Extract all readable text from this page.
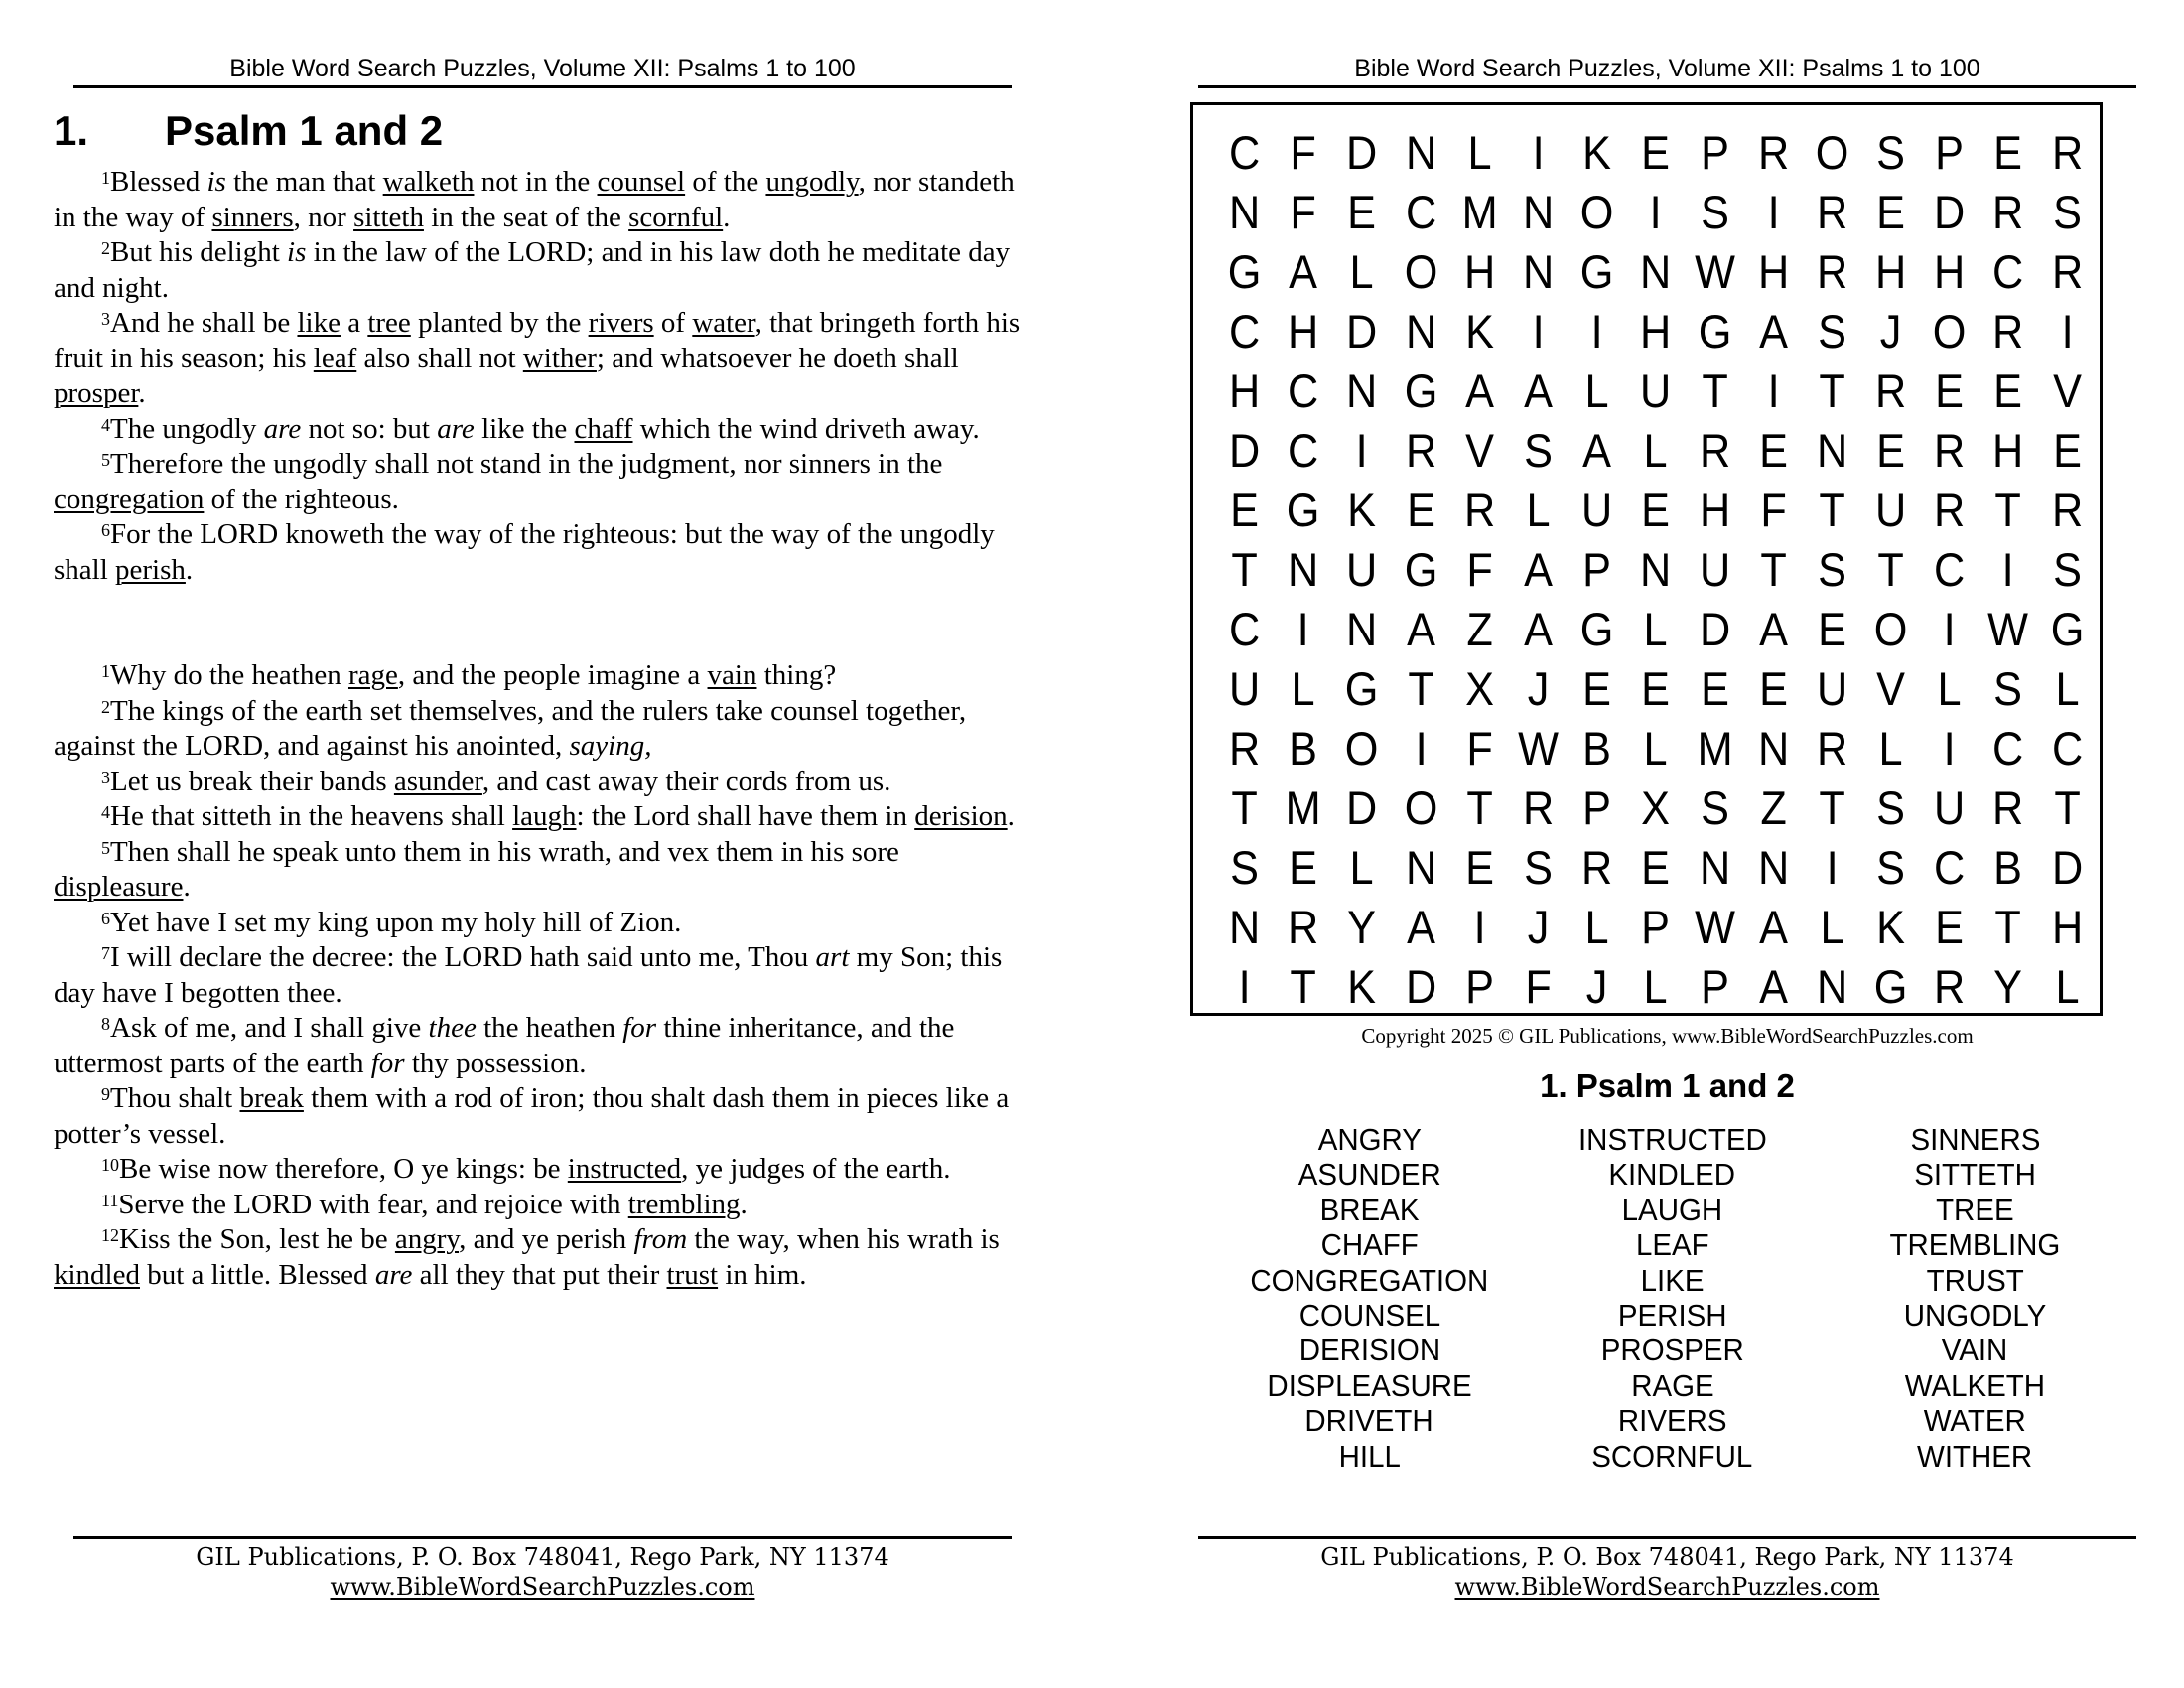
Bible Word Search Puzzles, Volume XII: Psalms 1 to 100
1. Psalm 1 and 2

$^1$Blessed is the man that walketh not in the counsel of the ungodly, nor standeth in the way of sinners, nor sitteth in the seat of the scornful.

$^2$But his delight is in the law of the LORD; and in his law doth he meditate day and night.

$^3$And he shall be like a tree planted by the rivers of water, that bringeth forth his fruit in his season; his leaf also shall not wither; and whatsoever he doeth shall prosper.

$^4$The ungodly are not so: but are like the chaff which the wind driveth away.

$^5$Therefore the ungodly shall not stand in the judgment, nor sinners in the congregation of the righteous.

$^6$For the LORD knoweth the way of the righteous: but the way of the ungodly shall perish.

$^1$Why do the heathen rage, and the people imagine a vain thing?

$^2$The kings of the earth set themselves, and the rulers take counsel together, against the LORD, and against his anointed, saying,

$^3$Let us break their bands asunder, and cast away their cords from us.

$^4$He that sitteth in the heavens shall laugh: the Lord shall have them in derision.

$^5$Then shall he speak unto them in his wrath, and vex them in his sore displeasure.

$^6$Yet have I set my king upon my holy hill of Zion.

$^7$I will declare the decree: the LORD hath said unto me, Thou art my Son; this day have I begotten thee.

$^8$Ask of me, and I shall give thee the heathen for thine inheritance, and the uttermost parts of the earth for thy possession.

$^9$Thou shalt break them with a rod of iron; thou shalt dash them in pieces like a potter’s vessel.

$^{10}$Be wise now therefore, O ye kings: be instructed, ye judges of the earth.

$^{11}$Serve the LORD with fear, and rejoice with trembling.

$^{12}$Kiss the Son, lest he be angry, and ye perish from the way, when his wrath is kindled but a little. Blessed are all they that put their trust in him.

GIL Publications, P. O. Box 748041, Rego Park, NY 11374
www.BibleWordSearchPuzzles.com
Bible Word Search Puzzles, Volume XII: Psalms 1 to 100
C F D N L I K E P R O S P E R
N F E C M N O I S I R E D R S
G A L O H N G N W H R H H C R
C H D N K I	I H G A S J O R I
H C N G A A L U T I T R E E V
D C I R V S A L R E N E R H E
E G K E R L U E H F T U R T R
T N U G F A P N U T S T C I S
C I N A Z A G L D A E O I W G
U L G T X J E E E E U V L S L
R B O I F W B L M N R L I C C
T M D O T R P X S Z T S U R T
S E L N E S R E N N I S C B D
N R Y A I J L P W A L K E T H
I T K D P F J L P A N G R Y L
Copyright 2025 © GIL Publications, www.BibleWordSearchPuzzles.com
1. Psalm 1 and 2
ANGRY
ASUNDER
BREAK
CHAFF
CONGREGATION
COUNSEL
DERISION
DISPLEASURE
DRIVETH
HILL
INSTRUCTED
KINDLED
LAUGH
LEAF
LIKE
PERISH
PROSPER
RAGE
RIVERS
SCORNFUL
SINNERS
SITTETH
TREE
TREMBLING
TRUST
UNGODLY
VAIN
WALKETH
WATER
WITHER
GIL Publications, P. O. Box 748041, Rego Park, NY 11374
www.BibleWordSearchPuzzles.com
